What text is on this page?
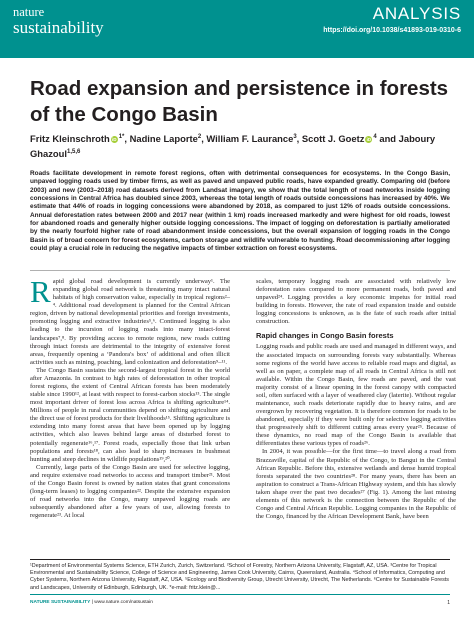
nature
sustainability
ANALYSIS
https://doi.org/10.1038/s41893-019-0310-6
Road expansion and persistence in forests of the Congo Basin
Fritz Kleinschroth iD $^{1*}$, Nadine Laporte$^2$, William F. Laurance$^3$, Scott J. Goetz iD $^4$ and Jaboury Ghazoul$^{1,5,6}$
Roads facilitate development in remote forest regions, often with detrimental consequences for ecosystems. In the Congo Basin, unpaved logging roads used by timber firms, as well as paved and unpaved public roads, have expanded greatly. Comparing old (before 2003) and new (2003–2018) road datasets derived from Landsat imagery, we show that the total length of road networks inside logging concessions in Central Africa has doubled since 2003, whereas the total length of roads outside concessions has increased by 40%. We estimate that 44% of roads in logging concessions were abandoned by 2018, as compared to just 12% of roads outside concessions. Annual deforestation rates between 2000 and 2017 near (within 1 km) roads increased markedly and were highest for old roads, lowest for abandoned roads and generally higher outside logging concessions. The impact of logging on deforestation is partially ameliorated by the nearly fourfold higher rate of road abandonment inside concessions, but the overall expansion of logging roads in the Congo Basin is of broad concern for forest ecosystems, carbon storage and wildlife vulnerable to hunting. Road decommissioning after logging could play a crucial role in reducing the negative impacts of timber extraction on forest ecosystems.
R apid global road development is currently underway¹. The expanding global road network is threatening many intact natural habitats of high conservation value, especially in tropical regions²–⁴. Additional road development is planned for the Central African region, driven by national developmental priorities and foreign investments, promoting logging and extractive industries⁵,⁶. Continued logging is also leading to the incursion of logging roads into many intact-forest landscapes⁷,⁸. By providing access to remote regions, new roads cutting through intact forests are detrimental to the integrity of extensive forest areas, frequently opening a ‘Pandora's box’ of additional and often illicit activities such as mining, poaching, land colonization and deforestation⁹–¹¹.

The Congo Basin sustains the second-largest tropical forest in the world after Amazonia. In contrast to high rates of deforestation in other tropical forest regions, the extent of Central African forests has been moderately stable since 1990¹², at least with respect to forest-carbon stocks¹³. The single most important driver of forest loss across Africa is shifting agriculture¹⁴. Millions of people in rural communities depend on shifting agriculture and the direct use of forest products for their livelihoods¹⁵. Shifting agriculture is extending into many forest areas that have been opened up by logging activities, which also leaves behind large areas of disturbed forest to potentially regenerate¹⁶,¹⁷. Forest roads, especially those that link urban populations and forests¹⁸, can also lead to sharp increases in bushmeat hunting and steep declines in wildlife populations¹⁹,²⁰.

Currently, large parts of the Congo Basin are used for selective logging, and require extensive road networks to access and transport timber²¹. Most of the Congo Basin forest is owned by nation states that grant concessions (long-term leases) to logging companies²². Despite the extensive expansion of road networks into the Congo, many unpaved logging roads are subsequently abandoned after a few years of use, allowing forests to regenerate²³. At local

scales, temporary logging roads are associated with relatively low deforestation rates compared to more permanent roads, both paved and unpaved²⁴. Logging provides a key economic impetus for initial road building in forests. However, the rate of road expansion inside and outside logging concessions is unknown, as is the fate of such roads after initial construction.

Rapid changes in Congo Basin forests

Logging roads and public roads are used and managed in different ways, and the associated impacts on surrounding forests vary substantially. Whereas some regions of the world have access to reliable road maps and digital, as well as on paper, a complete map of all roads in Central Africa is still not available. Within the Congo Basin, few roads are paved, and the vast majority consist of a linear opening in the forest canopy with compacted soil, often surfaced with a layer of weathered clay (laterite). Without regular maintenance, such roads deteriorate rapidly due to heavy rains, and are overgrown by recovering vegetation. It is therefore common for roads to be abandoned, especially if they were built only for selective logging activities that progressively shift to different cutting areas every year²⁵. Because of these dynamics, no road map of the Congo Basin is available that differentiates these various types of roads²⁶.

In 2004, it was possible—for the first time—to travel along a road from Brazzaville, capital of the Republic of the Congo, to Bangui in the Central African Republic. Before this, extensive wetlands and dense humid tropical forests separated the two countries²⁸. For many years, there has been an aspiration to construct a Trans-African Highway system, and this has slowly taken shape over the past two decades²⁷ (Fig. 1). Among the last missing elements of this network is the connection between the Republic of the Congo and Central African Republic. Logging companies in the Republic of the Congo, financed by the African Development Bank, have been

¹Department of Environmental Systems Science, ETH Zurich, Zurich, Switzerland. ²School of Forestry, Northern Arizona University, Flagstaff, AZ, USA. ³Centre for Tropical Environmental and Sustainability Science, College of Science and Engineering, James Cook University, Cairns, Queensland, Australia. ⁴School of Informatics, Computing and Cyber Systems, Northern Arizona University, Flagstaff, AZ, USA. ⁵Ecology and Biodiversity Group, Utrecht University, Utrecht, The Netherlands. ⁶Centre for Sustainable Forests and Landscapes, University of Edinburgh, Edinburgh, UK. *e-mail: fritz.klein@...
NATURE SUSTAINABILITY | www.nature.com/natsustain	1
